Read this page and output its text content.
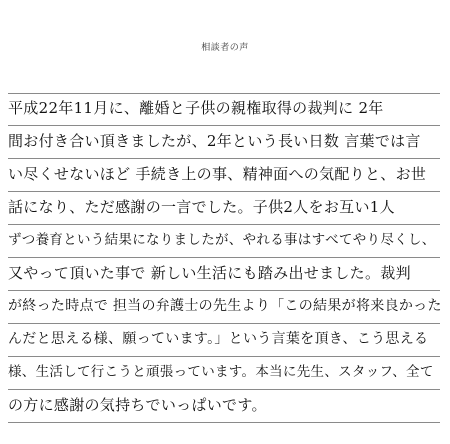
相談者の声
平成22年11月に、離婚と子供の親権取得の裁判に 2年
間お付き合い頂きましたが、2年という長い日数 言葉では言
い尽くせないほど 手続き上の事、精神面への気配りと、お世
話になり、ただ感謝の一言でした。子供2人をお互い1人
ずつ養育という結果になりましたが、やれる事はすべてやり尽くし、
又やって頂いた事で 新しい生活にも踏み出せました。裁判
が終った時点で 担当の弁護士の先生より「この結果が将来良かった
んだと思える様、願っています。」という言葉を頂き、こう思える
様、生活して行こうと頑張っています。本当に先生、スタッフ、全て
の方に感謝の気持ちでいっぱいです。
